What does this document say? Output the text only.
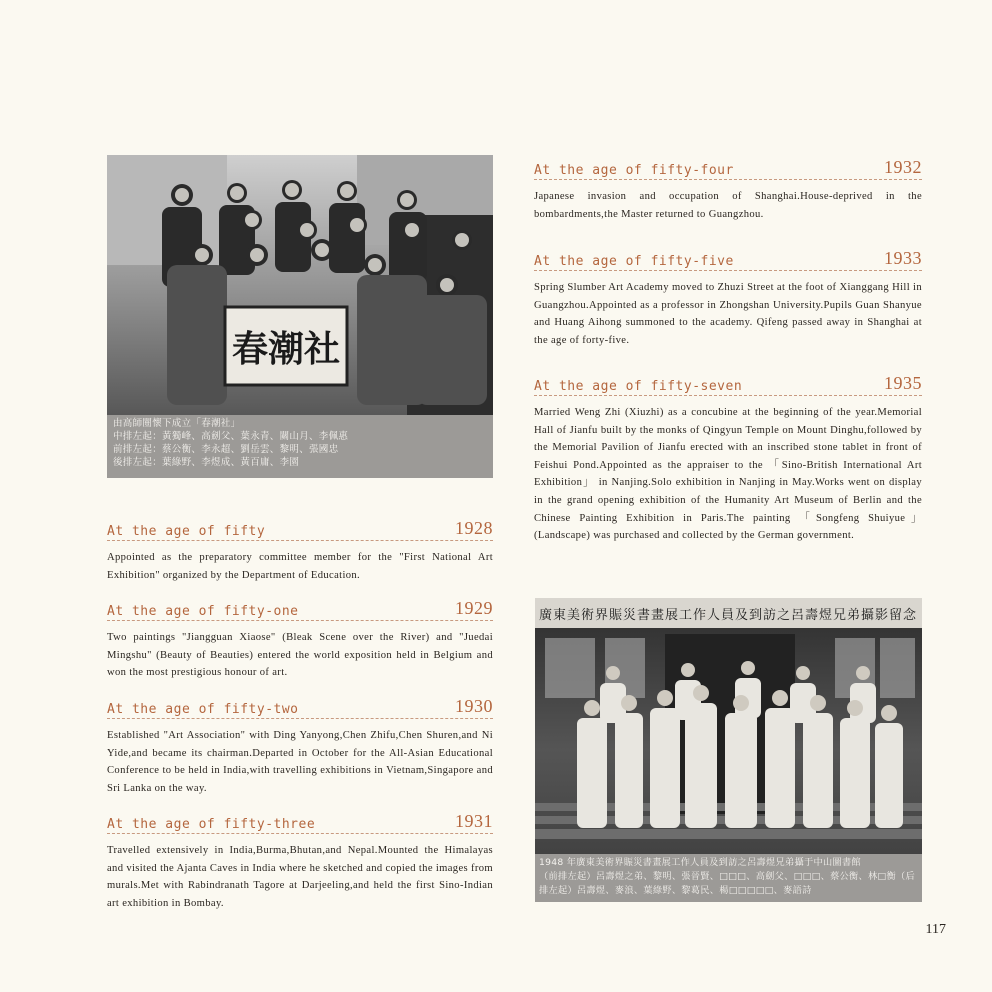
春潮社
由高師闓懷下成立「春潮社」
中排左起：黃獨峰、高劍父、葉永青、關山月、李佩惠
前排左起：蔡公衡、李永超、劉岳雲、黎明、張國忠
後排左起：葉綠野、李煜成、黃百庸、李園
At the age of fifty	1928
Appointed as the preparatory committee member for the "First National Art Exhibition" organized by the Department of Education.
At the age of fifty-one	1929
Two paintings "Jiangguan Xiaose" (Bleak Scene over the River) and "Juedai Mingshu" (Beauty of Beauties) entered the world exposition held in Belgium and won the most prestigious honour of art.
At the age of fifty-two	1930
Established "Art Association" with Ding Yanyong,Chen Zhifu,Chen Shuren,and Ni Yide,and became its chairman.Departed in October for the All-Asian Educational Conference to be held in India,with travelling exhibitions in Vietnam,Singapore and Sri Lanka on the way.
At the age of fifty-three	1931
Travelled extensively in India,Burma,Bhutan,and Nepal.Mounted the Himalayas and visited the Ajanta Caves in India where he sketched and copied the images from murals.Met with Rabindranath Tagore at Darjeeling,and held the first Sino-Indian art exhibition in Bombay.
At the age of fifty-four	1932
Japanese invasion and occupation of Shanghai.House-deprived in the bombardments,the Master returned to Guangzhou.
At the age of fifty-five	1933
Spring Slumber Art Academy moved to Zhuzi Street at the foot of Xianggang Hill in Guangzhou.Appointed as a professor in Zhongshan University.Pupils Guan Shanyue and Huang Aihong summoned to the academy. Qifeng passed away in Shanghai at the age of forty-five.
At the age of fifty-seven	1935
Married Weng Zhi (Xiuzhi) as a concubine at the beginning of the year.Memorial Hall of Jianfu built by the monks of Qingyun Temple on Mount Dinghu,followed by the Memorial Pavilion of Jianfu erected with an inscribed stone tablet in front of Feishui Pond.Appointed as the appraiser to the 「Sino-British International Art Exhibition」 in Nanjing.Solo exhibition in Nanjing in May.Works went on display in the grand opening exhibition of the Humanity Art Museum of Berlin and the Chinese Painting Exhibition in Paris.The painting 「Songfeng Shuiyue」 (Landscape) was purchased and collected by the German government.
廣東美術界賑災書畫展工作人員及到訪之呂壽煜兄弟攝影留念
1948 年廣東美術界賑災書畫展工作人員及到訪之呂壽煜兄弟攝于中山圖書館
（前排左起）呂壽煜之弟、黎明、張晉賢、□□□、高劍父、□□□、蔡公衡、林□衡（后
排左起）呂壽煜、麥浪、葉綠野、黎葛民、楊□□□□□、麥語詩
117
